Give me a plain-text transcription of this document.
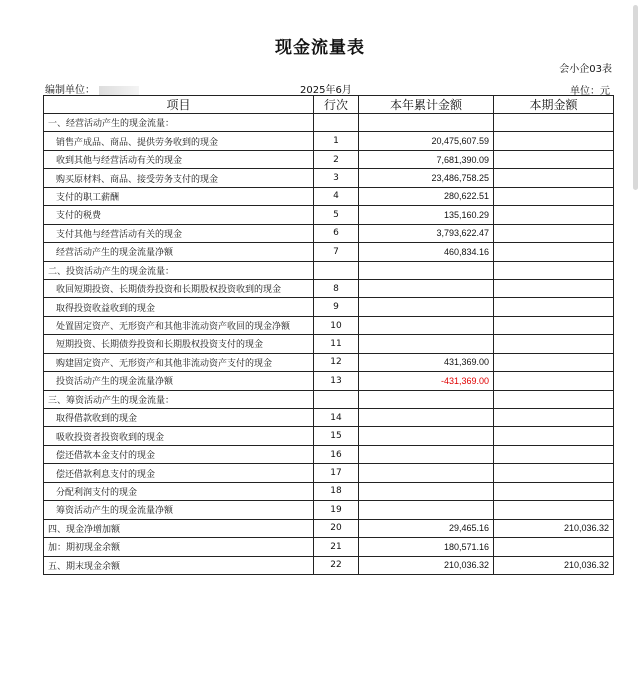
现金流量表
会小企03表
编制单位：	2025年6月	单位：元
项目	行次	本年累计金额	本期金额
一、经营活动产生的现金流量：			
销售产成品、商品、提供劳务收到的现金	1	20,475,607.59	
收到其他与经营活动有关的现金	2	7,681,390.09	
购买原材料、商品、接受劳务支付的现金	3	23,486,758.25	
支付的职工薪酬	4	280,622.51	
支付的税费	5	135,160.29	
支付其他与经营活动有关的现金	6	3,793,622.47	
经营活动产生的现金流量净额	7	460,834.16	
二、投资活动产生的现金流量：			
收回短期投资、长期债券投资和长期股权投资收到的现金	8		
取得投资收益收到的现金	9		
处置固定资产、无形资产和其他非流动资产收回的现金净额	10		
短期投资、长期债券投资和长期股权投资支付的现金	11		
购建固定资产、无形资产和其他非流动资产支付的现金	12	431,369.00	
投资活动产生的现金流量净额	13	-431,369.00	
三、筹资活动产生的现金流量：			
取得借款收到的现金	14		
吸收投资者投资收到的现金	15		
偿还借款本金支付的现金	16		
偿还借款利息支付的现金	17		
分配利润支付的现金	18		
筹资活动产生的现金流量净额	19		
四、现金净增加额	20	29,465.16	210,036.32
加：期初现金余额	21	180,571.16	
五、期末现金余额	22	210,036.32	210,036.32
